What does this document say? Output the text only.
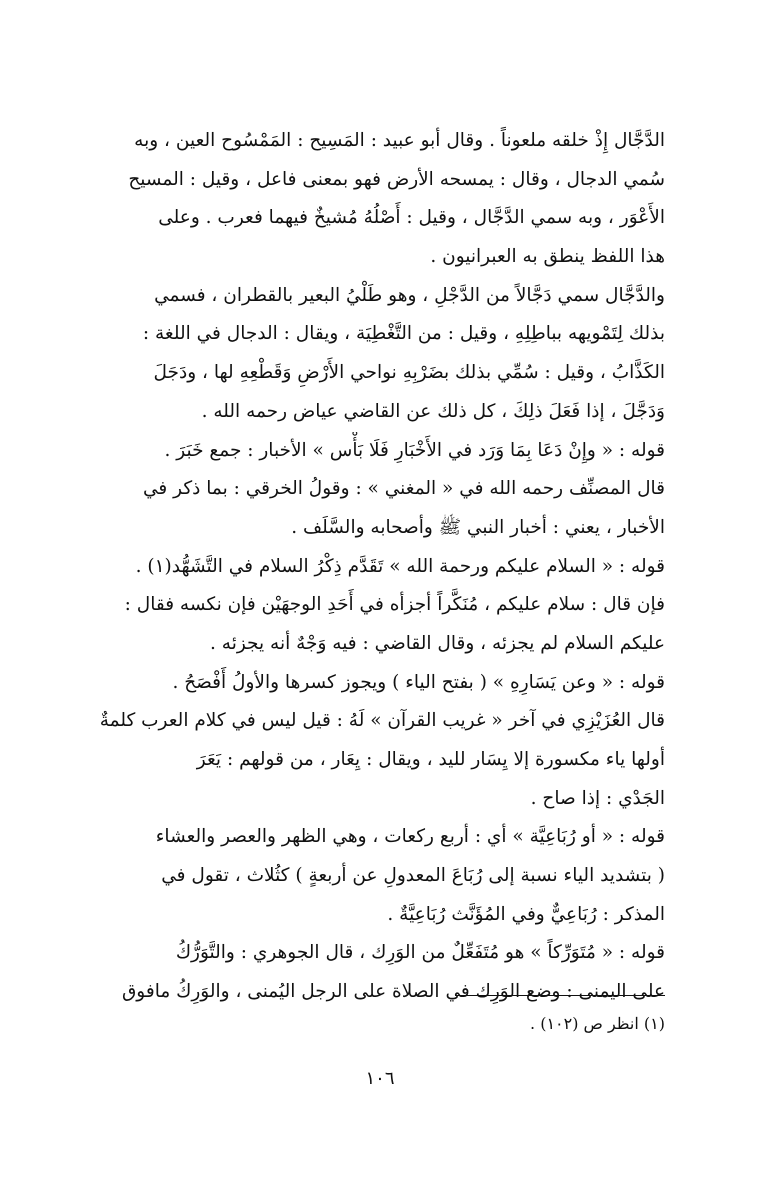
الدَّجَّال إِذْ خلقه ملعوناً . وقال أبو عبيد : المَسِيح : المَمْسُوح العين ، وبه
سُمي الدجال ، وقال : يمسحه الأرض فهو بمعنى فاعل ، وقيل : المسيح
الأَعْوَر ، وبه سمي الدَّجَّال ، وقيل : أَصْلُهُ مُشيخٌ فيهما فعرب . وعلى
هذا اللفظ ينطق به العبرانيون .
والدَّجَّال سمي دَجَّالاً من الدَّجْلِ ، وهو طَلْيُ البعير بالقطران ، فسمي
بذلك لِتَمْويهه بباطِلِهِ ، وقيل : من التَّغْطِيَة ، ويقال : الدجال في اللغة :
الكَذَّابُ ، وقيل : سُمِّي بذلك بضَرْبِهِ نواحي الأَرْضِ وَقَطْعِهِ لها ، ودَجَلَ
وَدَجَّلَ ، إذا فَعَلَ ذلِكَ ، كل ذلك عن القاضي عياض رحمه الله .
قوله : « وإِنْ دَعَا بِمَا وَرَد في الأَخْبَارِ فَلَا بَأْس » الأخبار : جمع خَبَرَ .
قال المصنِّف رحمه الله في « المغني » : وقولُ الخرقي : بما ذكر في
الأخبار ، يعني : أخبار النبي ﷺ وأصحابه والسَّلَف .
قوله : « السلام عليكم ورحمة الله » تَقَدَّم ذِكْرُ السلام في التَّشَهُّد(١) .
فإن قال : سلام عليكم ، مُنَكَّراً أجزأه في أَحَدِ الوجهَيْن فإن نكسه فقال :
عليكم السلام لم يجزئه ، وقال القاضي : فيه وَجْهٌ أنه يجزئه .
قوله : « وعن يَسَارِهِ » ( بفتح الياء ) ويجوز كسرها والأولُ أَفْصَحُ .
قال العُزَيْزِي في آخر « غريب القرآن » لَهُ : قيل ليس في كلام العرب كلمةٌ
أولها ياء مكسورة إلا يِسَار لليد ، ويقال : يِعَار ، من قولهم : يَعَرَ
الجَدْي : إذا صاح .
قوله : « أو رُبَاعِيَّة » أي : أربع ركعات ، وهي الظهر والعصر والعشاء
( بتشديد الياء نسبة إلى رُبَاعَ المعدولِ عن أربعةٍ ) كثُلاث ، تقول في
المذكر : رُبَاعِيٌّ وفي المُؤَنَّث رُبَاعِيَّةٌ .
قوله : « مُتَوَرِّكاً » هو مُتَفَعِّلٌ من الوَرِك ، قال الجوهري : والتَّوَرُّكُ
على اليمنى : وضع الوَرِك في الصلاة على الرجل اليُمنى ، والوَرِكُ مافوق
(١) انظر ص (١٠٢) .
١٠٦
